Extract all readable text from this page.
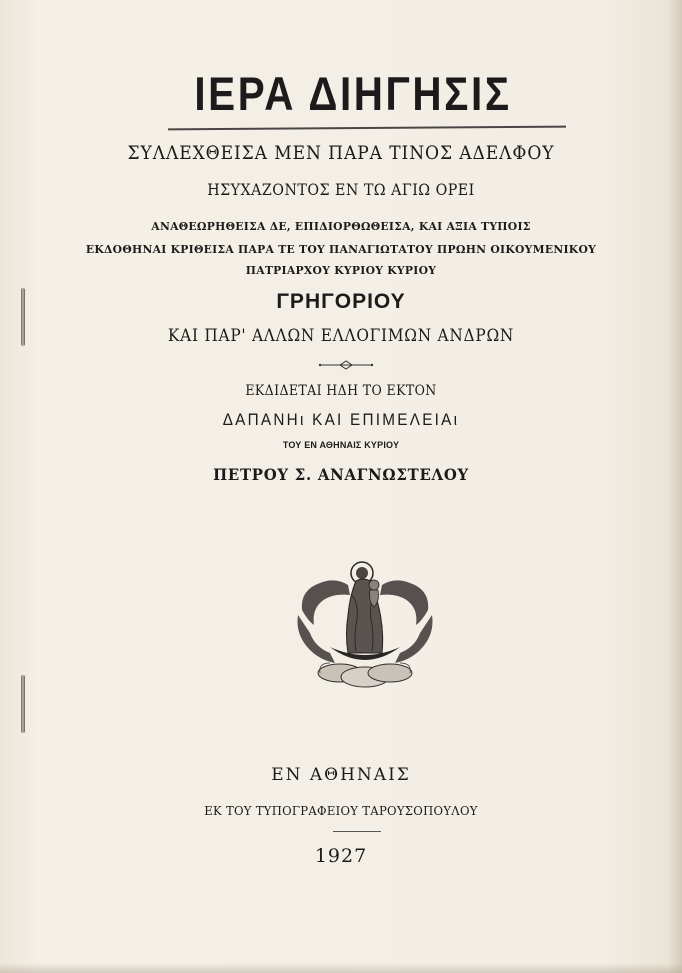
ΙΕΡΑ ΔΙΗΓΗΣΙΣ
ΣΥΛΛΕΧΘΕΙΣΑ ΜΕΝ ΠΑΡΑ ΤΙΝΟΣ ΑΔΕΛΦΟΥ
ΗΣΥΧΑΖΟΝΤΟΣ ΕΝ ΤΩ ΑΓΙΩ ΟΡΕΙ
ΑΝΑΘΕΩΡΗΘΕΙΣΑ ΔΕ, ΕΠΙΔΙΟΡΘΩΘΕΙΣΑ, ΚΑΙ ΑΞΙΑ ΤΥΠΟΙΣ
ΕΚΔΟΘΗΝΑΙ ΚΡΙΘΕΙΣΑ ΠΑΡΑ ΤΕ ΤΟΥ ΠΑΝΑΓΙΩΤΑΤΟΥ ΠΡΩΗΝ ΟΙΚΟΥΜΕΝΙΚΟΥ
ΠΑΤΡΙΑΡΧΟΥ ΚΥΡΙΟΥ ΚΥΡΙΟΥ
ΓΡΗΓΟΡΙΟΥ
ΚΑΙ ΠΑΡ' ΑΛΛΩΝ ΕΛΛΟΓΙΜΩΝ ΑΝΔΡΩΝ
ΕΚΔΙΔΕΤΑΙ ΗΔΗ ΤΟ ΕΚΤΟΝ
ΔΑΠΑΝΗι ΚΑΙ ΕΠΙΜΕΛΕΙΑι
ΤΟΥ ΕΝ ΑΘΗΝΑΙΣ ΚΥΡΙΟΥ
ΠΕΤΡΟΥ Σ. ΑΝΑΓΝΩΣΤΕΛΟΥ
ΕΝ ΑΘΗΝΑΙΣ
ΕΚ ΤΟΥ ΤΥΠΟΓΡΑΦΕΙΟΥ ΤΑΡΟΥΣΟΠΟΥΛΟΥ
1927
